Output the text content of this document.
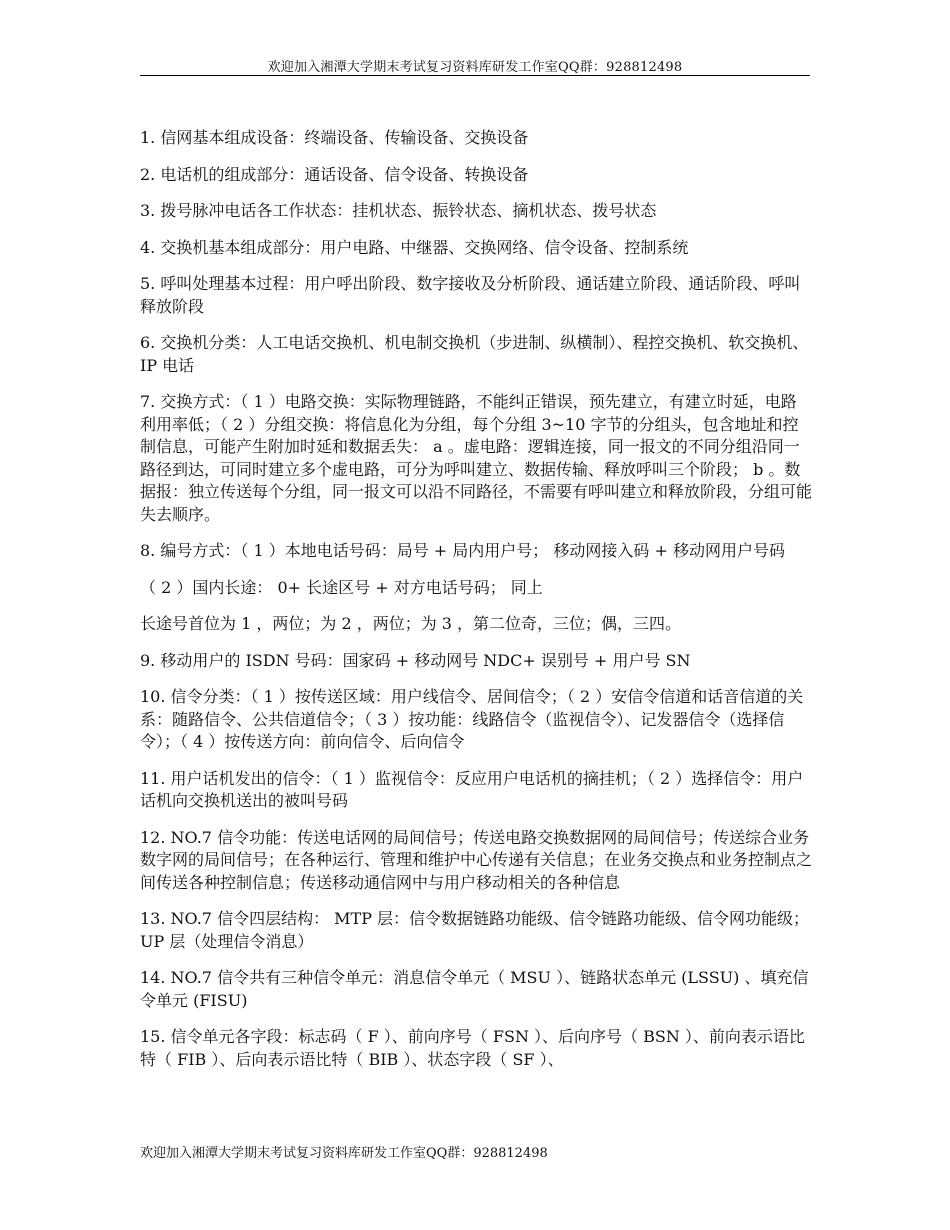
欢迎加入湘潭大学期末考试复习资料库研发工作室QQ群：928812498

1. 信网基本组成设备：终端设备、传输设备、交换设备

2. 电话机的组成部分：通话设备、信令设备、转换设备

3. 拨号脉冲电话各工作状态：挂机状态、振铃状态、摘机状态、拨号状态

4. 交换机基本组成部分：用户电路、中继器、交换网络、信令设备、控制系统

5. 呼叫处理基本过程：用户呼出阶段、数字接收及分析阶段、通话建立阶段、通话阶段、呼叫释放阶段

6. 交换机分类：人工电话交换机、机电制交换机（步进制、纵横制）、程控交换机、软交换机、 IP 电话

7. 交换方式：（ 1 ）电路交换：实际物理链路，不能纠正错误，预先建立，有建立时延，电路利用率低；（ 2 ）分组交换：将信息化为分组，每个分组 3~10 字节的分组头，包含地址和控制信息，可能产生附加时延和数据丢失： a 。虚电路：逻辑连接，同一报文的不同分组沿同一路径到达，可同时建立多个虚电路，可分为呼叫建立、数据传输、释放呼叫三个阶段； b 。数据报：独立传送每个分组，同一报文可以沿不同路径，不需要有呼叫建立和释放阶段，分组可能失去顺序。

8. 编号方式：（ 1 ）本地电话号码：局号 + 局内用户号； 移动网接入码 + 移动网用户号码

（ 2 ）国内长途： 0+ 长途区号 + 对方电话号码； 同上

长途号首位为 1 ，两位；为 2 ，两位；为 3 ，第二位奇，三位；偶，三四。

9. 移动用户的 ISDN 号码：国家码 + 移动网号 NDC+ 误别号 + 用户号 SN

10. 信令分类：（ 1 ）按传送区域：用户线信令、居间信令；（ 2 ）安信令信道和话音信道的关系：随路信令、公共信道信令；（ 3 ）按功能：线路信令（监视信令）、记发器信令（选择信令）；（ 4 ）按传送方向：前向信令、后向信令

11. 用户话机发出的信令：（ 1 ）监视信令：反应用户电话机的摘挂机；（ 2 ）选择信令：用户话机向交换机送出的被叫号码

12. NO.7 信令功能：传送电话网的局间信号；传送电路交换数据网的局间信号；传送综合业务数字网的局间信号；在各种运行、管理和维护中心传递有关信息；在业务交换点和业务控制点之间传送各种控制信息；传送移动通信网中与用户移动相关的各种信息

13. NO.7 信令四层结构： MTP 层：信令数据链路功能级、信令链路功能级、信令网功能级； UP 层（处理信令消息）

14. NO.7 信令共有三种信令单元：消息信令单元（ MSU ）、链路状态单元 (LSSU) 、填充信令单元 (FISU)

15. 信令单元各字段：标志码（ F ）、前向序号（ FSN ）、后向序号（ BSN ）、前向表示语比特（ FIB ）、后向表示语比特（ BIB ）、状态字段（ SF ）、

欢迎加入湘潭大学期末考试复习资料库研发工作室QQ群：928812498
